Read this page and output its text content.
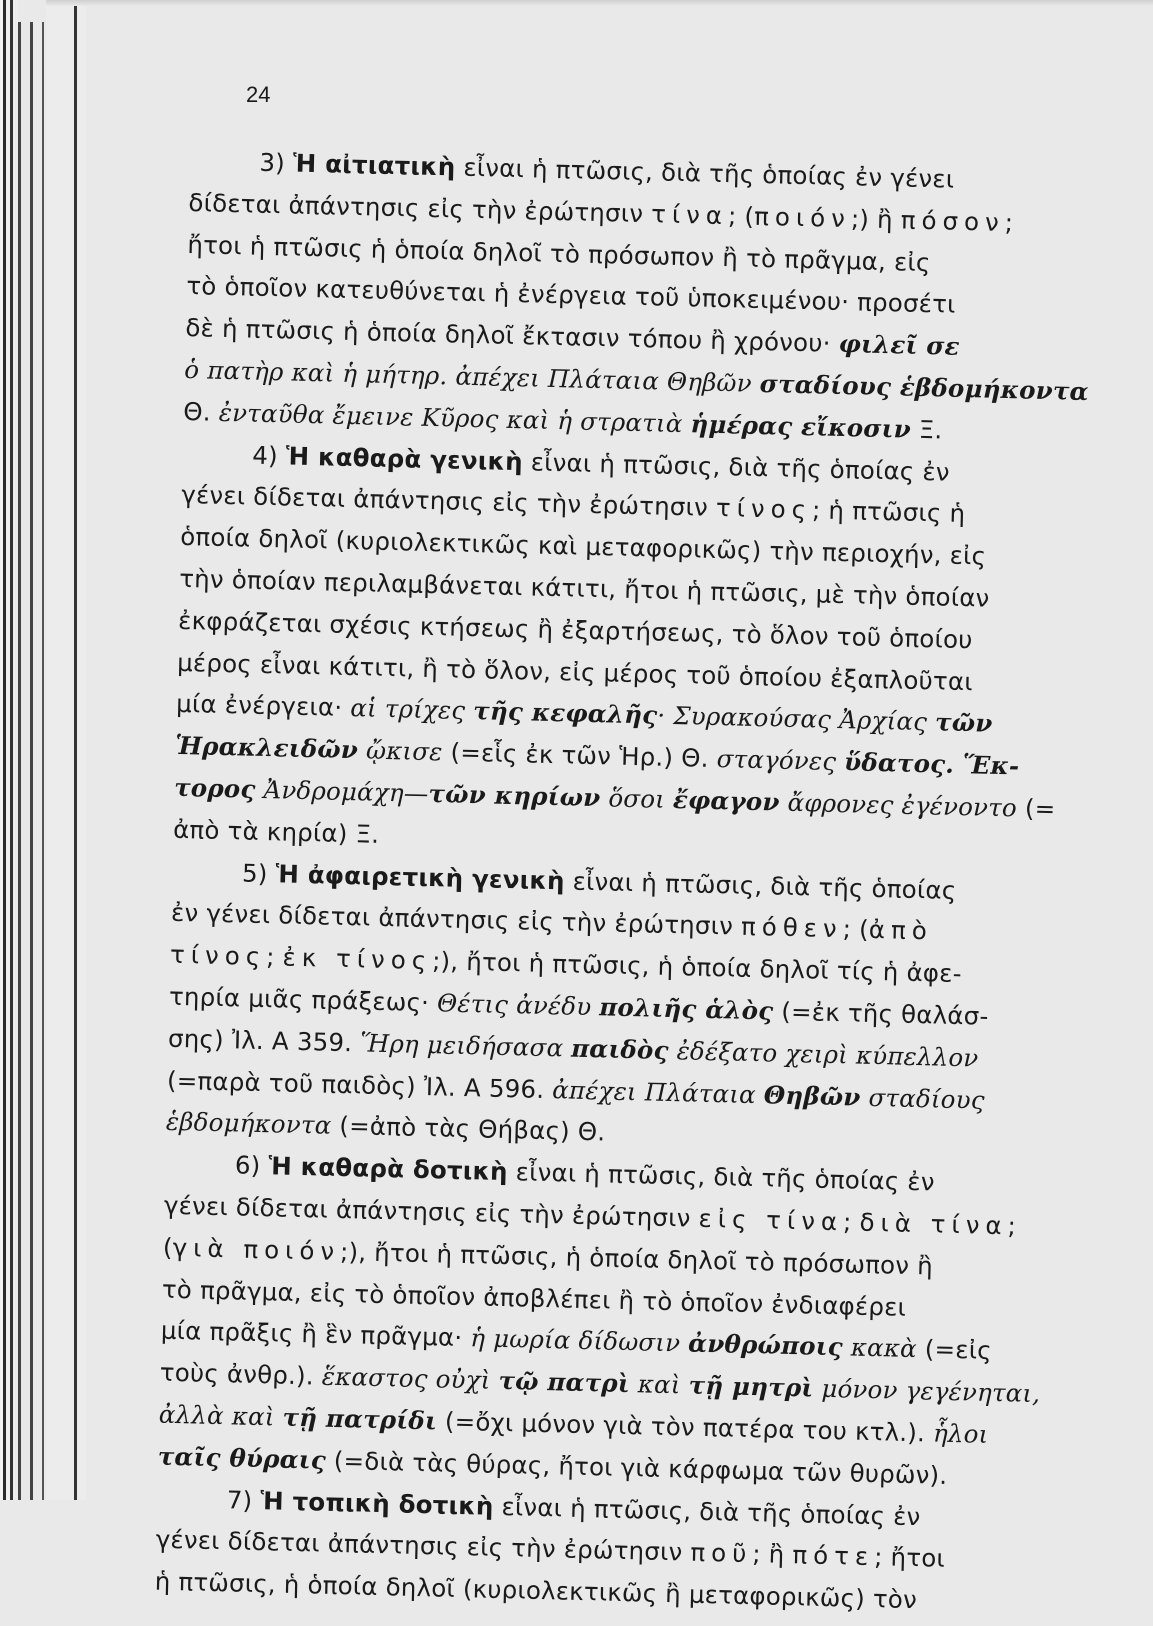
24
3) Ἡ αἰτιατικὴ εἶναι ἡ πτῶσις, διὰ τῆς ὁποίας ἐν γένει
δίδεται ἀπάντησις εἰς τὴν ἐρώτησιν τίνα; (ποιόν;) ἢ πόσον;
ἤτοι ἡ πτῶσις ἡ ὁποία δηλοῖ τὸ πρόσωπον ἢ τὸ πρᾶγμα, εἰς
τὸ ὁποῖον κατευθύνεται ἡ ἐνέργεια τοῦ ὑποκειμένου· προσέτι
δὲ ἡ πτῶσις ἡ ὁποία δηλοῖ ἔκτασιν τόπου ἢ χρόνου· φιλεῖ σε
ὁ πατὴρ καὶ ἡ μήτηρ. ἀπέχει Πλάταια Θηβῶν σταδίους ἑβδομήκοντα
Θ. ἐνταῦθα ἔμεινε Κῦρος καὶ ἡ στρατιὰ ἡμέρας εἴκοσιν Ξ.
4) Ἡ καθαρὰ γενικὴ εἶναι ἡ πτῶσις, διὰ τῆς ὁποίας ἐν
γένει δίδεται ἀπάντησις εἰς τὴν ἐρώτησιν τίνος; ἡ πτῶσις ἡ
ὁποία δηλοῖ (κυριολεκτικῶς καὶ μεταφορικῶς) τὴν περιοχήν, εἰς
τὴν ὁποίαν περιλαμβάνεται κάτιτι, ἤτοι ἡ πτῶσις, μὲ τὴν ὁποίαν
ἐκφράζεται σχέσις κτήσεως ἢ ἐξαρτήσεως, τὸ ὅλον τοῦ ὁποίου
μέρος εἶναι κάτιτι, ἢ τὸ ὅλον, εἰς μέρος τοῦ ὁποίου ἐξαπλοῦται
μία ἐνέργεια· αἱ τρίχες τῆς κεφαλῆς· Συρακούσας Ἀρχίας τῶν
Ἡρακλειδῶν ᾤκισε (=εἷς ἐκ τῶν Ἡρ.) Θ. σταγόνες ὕδατος. Ἕκ-
τορος Ἀνδρομάχη—τῶν κηρίων ὅσοι ἔφαγον ἄφρονες ἐγένοντο (=
ἀπὸ τὰ κηρία) Ξ.
5) Ἡ ἀφαιρετικὴ γενικὴ εἶναι ἡ πτῶσις, διὰ τῆς ὁποίας
ἐν γένει δίδεται ἀπάντησις εἰς τὴν ἐρώτησιν πόθεν; (ἀπὸ
τίνος; ἐκ τίνος;), ἤτοι ἡ πτῶσις, ἡ ὁποία δηλοῖ τίς ἡ ἀφε-
τηρία μιᾶς πράξεως· Θέτις ἀνέδυ πολιῆς ἁλὸς (=ἐκ τῆς θαλάσ-
σης) Ἰλ. Α 359. Ἥρη μειδήσασα παιδὸς ἐδέξατο χειρὶ κύπελλον
(=παρὰ τοῦ παιδὸς) Ἰλ. Α 596. ἀπέχει Πλάταια Θηβῶν σταδίους
ἑβδομήκοντα (=ἀπὸ τὰς Θήβας) Θ.
6) Ἡ καθαρὰ δοτικὴ εἶναι ἡ πτῶσις, διὰ τῆς ὁποίας ἐν
γένει δίδεται ἀπάντησις εἰς τὴν ἐρώτησιν εἰς τίνα; διὰ τίνα;
(γιὰ ποιόν;), ἤτοι ἡ πτῶσις, ἡ ὁποία δηλοῖ τὸ πρόσωπον ἢ
τὸ πρᾶγμα, εἰς τὸ ὁποῖον ἀποβλέπει ἢ τὸ ὁποῖον ἐνδιαφέρει
μία πρᾶξις ἢ ἓν πρᾶγμα· ἡ μωρία δίδωσιν ἀνθρώποις κακὰ (=εἰς
τοὺς ἀνθρ.). ἕκαστος οὐχὶ τῷ πατρὶ καὶ τῇ μητρὶ μόνον γεγένηται,
ἀλλὰ καὶ τῇ πατρίδι (=ὄχι μόνον γιὰ τὸν πατέρα του κτλ.). ἧλοι
ταῖς θύραις (=διὰ τὰς θύρας, ἤτοι γιὰ κάρφωμα τῶν θυρῶν).
7) Ἡ τοπικὴ δοτικὴ εἶναι ἡ πτῶσις, διὰ τῆς ὁποίας ἐν
γένει δίδεται ἀπάντησις εἰς τὴν ἐρώτησιν ποῦ; ἢ πότε; ἤτοι
ἡ πτῶσις, ἡ ὁποία δηλοῖ (κυριολεκτικῶς ἢ μεταφορικῶς) τὸν
